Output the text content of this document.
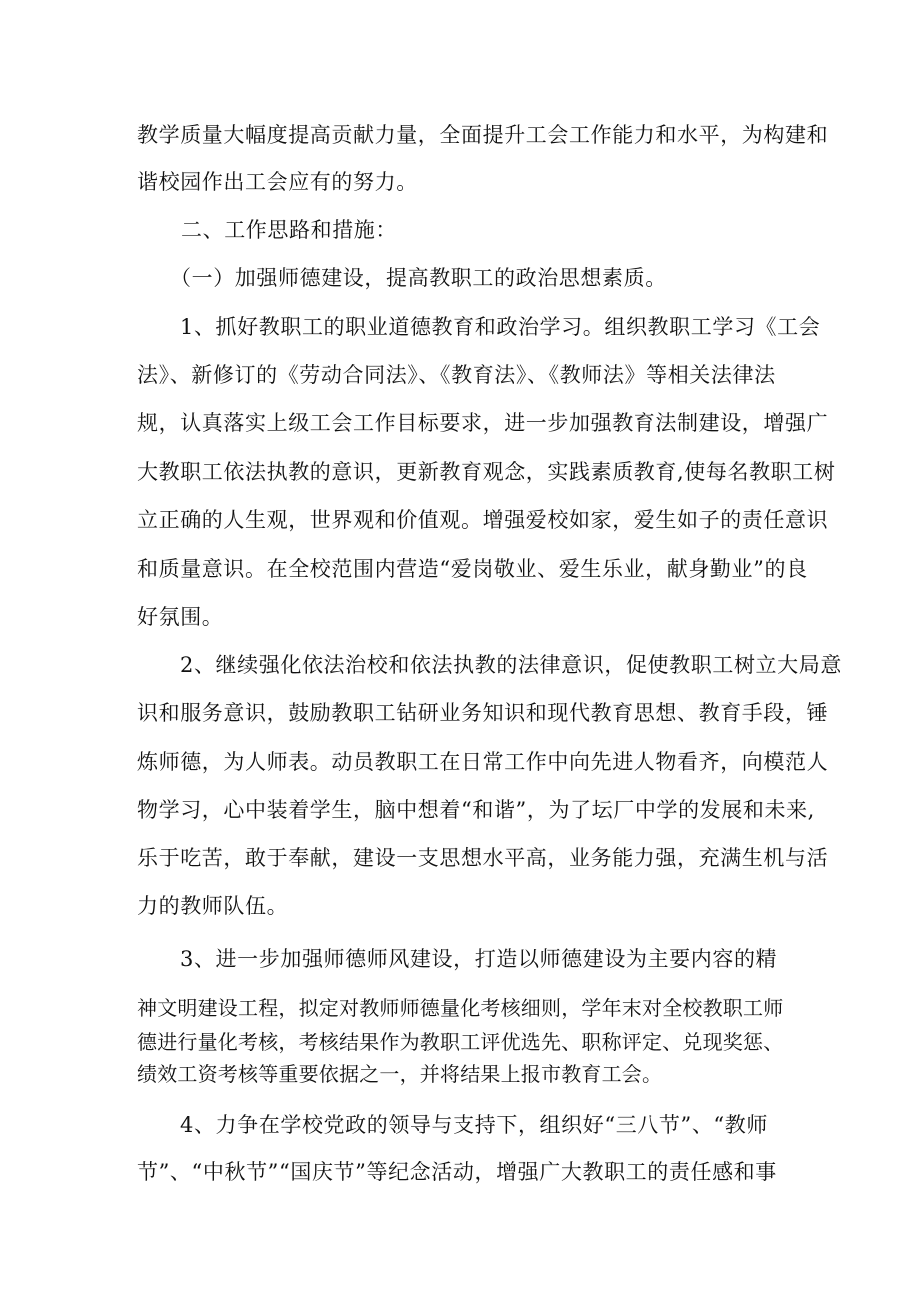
教学质量大幅度提高贡献力量，全面提升工会工作能力和水平，为构建和
谐校园作出工会应有的努力。
二、工作思路和措施：
（一）加强师德建设，提高教职工的政治思想素质。
1、抓好教职工的职业道德教育和政治学习。组织教职工学习《工会
法》、新修订的《劳动合同法》、《教育法》、《教师法》等相关法律法
规，认真落实上级工会工作目标要求，进一步加强教育法制建设，增强广
大教职工依法执教的意识，更新教育观念，实践素质教育,使每名教职工树
立正确的人生观，世界观和价值观。增强爱校如家，爱生如子的责任意识
和质量意识。在全校范围内营造“爱岗敬业、爱生乐业，献身勤业”的良
好氛围。
2、继续强化依法治校和依法执教的法律意识，促使教职工树立大局意
识和服务意识，鼓励教职工钻研业务知识和现代教育思想、教育手段，锤
炼师德，为人师表。动员教职工在日常工作中向先进人物看齐，向模范人
物学习，心中装着学生，脑中想着“和谐”，为了坛厂中学的发展和未来,
乐于吃苦，敢于奉献，建设一支思想水平高，业务能力强，充满生机与活
力的教师队伍。
3、进一步加强师德师风建设，打造以师德建设为主要内容的精
神文明建设工程，拟定对教师师德量化考核细则，学年末对全校教职工师
德进行量化考核，考核结果作为教职工评优选先、职称评定、兑现奖惩、
绩效工资考核等重要依据之一，并将结果上报市教育工会。
4、力争在学校党政的领导与支持下，组织好“三八节”、“教师
节”、“中秋节”“国庆节”等纪念活动，增强广大教职工的责任感和事
